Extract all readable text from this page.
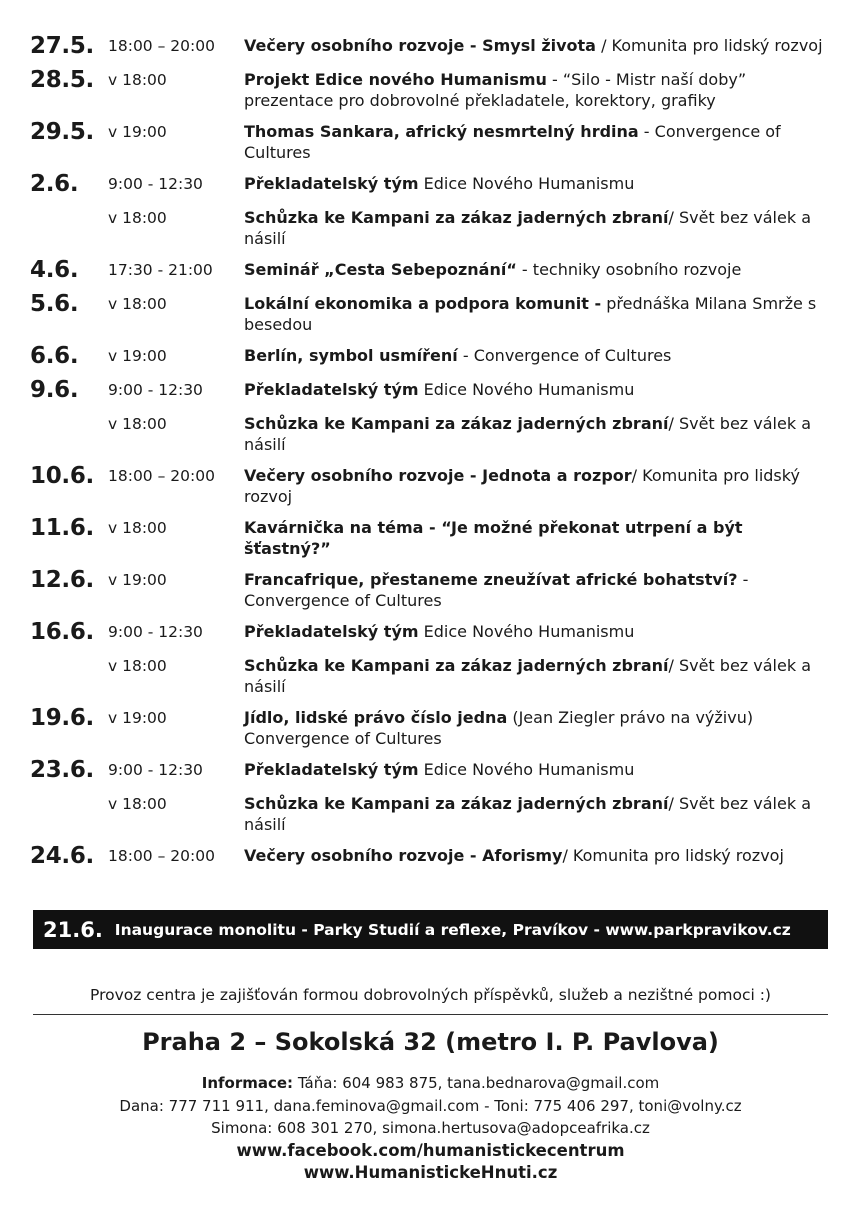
27.5. 18:00 – 20:00	Večery osobního rozvoje - Smysl života / Komunita pro lidský rozvoj
28.5. v 18:00	Projekt Edice nového Humanismu - “Silo - Mistr naší doby” prezentace pro dobrovolné překladatele, korektory, grafiky
29.5. v 19:00	Thomas Sankara, africký nesmrtelný hrdina - Convergence of Cultures
2.6.	9:00 - 12:30	Překladatelský tým Edice Nového Humanismu
v 18:00	Schůzka ke Kampani za zákaz jaderných zbraní/ Svět bez válek a násilí
4.6.	17:30 - 21:00	Seminář „Cesta Sebepoznání“ - techniky osobního rozvoje
5.6.	v 18:00	Lokální ekonomika a podpora komunit - přednáška Milana Smrže s besedou
6.6.	v 19:00	Berlín, symbol usmíření - Convergence of Cultures
9.6.	9:00 - 12:30	Překladatelský tým Edice Nového Humanismu
v 18:00	Schůzka ke Kampani za zákaz jaderných zbraní/ Svět bez válek a násilí
10.6. 18:00 – 20:00	Večery osobního rozvoje - Jednota a rozpor/ Komunita pro lidský rozvoj
11.6. v 18:00	Kavárnička na téma - “Je možné překonat utrpení a být šťastný?”
12.6. v 19:00	Francafrique, přestaneme zneužívat africké bohatství? - Convergence of Cultures
16.6. 9:00 - 12:30	Překladatelský tým Edice Nového Humanismu
v 18:00	Schůzka ke Kampani za zákaz jaderných zbraní/ Svět bez válek a násilí
19.6. v 19:00	Jídlo, lidské právo číslo jedna (Jean Ziegler právo na výživu) Convergence of Cultures
23.6. 9:00 - 12:30	Překladatelský tým Edice Nového Humanismu
v 18:00	Schůzka ke Kampani za zákaz jaderných zbraní/ Svět bez válek a násilí
24.6. 18:00 – 20:00	Večery osobního rozvoje - Aforismy/ Komunita pro lidský rozvoj
21.6. Inaugurace monolitu - Parky Studií a reflexe, Pravíkov - www.parkpravikov.cz
Provoz centra je zajišťován formou dobrovolných příspěvků, služeb a nezištné pomoci :)
Praha 2 – Sokolská 32 (metro I. P. Pavlova)
Informace: Táňa: 604 983 875, tana.bednarova@gmail.com
Dana: 777 711 911, dana.feminova@gmail.com - Toni: 775 406 297, toni@volny.cz
Simona: 608 301 270, simona.hertusova@adopceafrika.cz
www.facebook.com/humanistickecentrum
www.HumanistickeHnuti.cz
